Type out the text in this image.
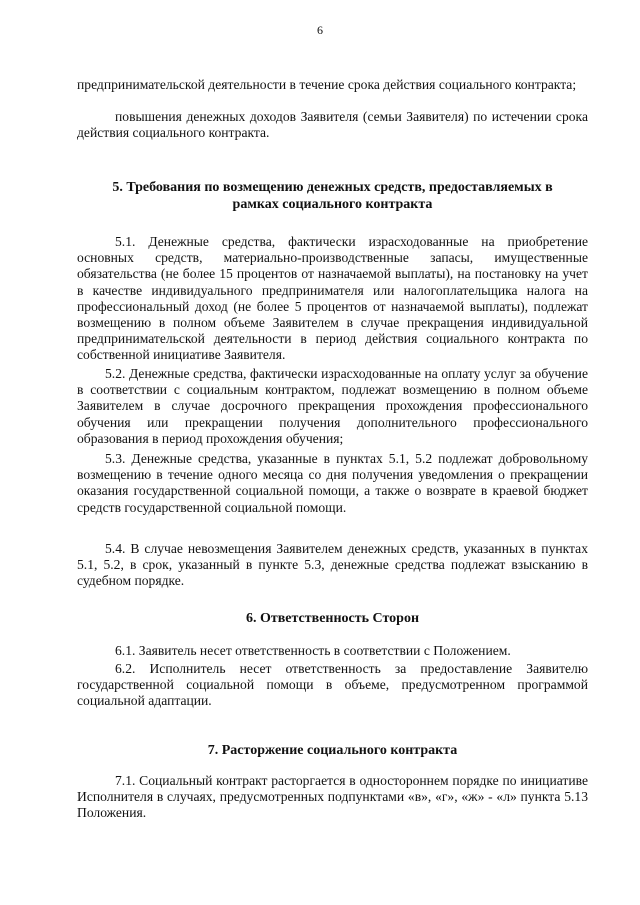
6

предпринимательской деятельности в течение срока действия социального контракта;

повышения денежных доходов Заявителя (семьи Заявителя) по истечении срока действия социального контракта.

5. Требования по возмещению денежных средств, предоставляемых в
рамках социального контракта

5.1. Денежные средства, фактически израсходованные на приобретение основных средств, материально-производственные запасы, имущественные обязательства (не более 15 процентов от назначаемой выплаты), на постановку на учет в качестве индивидуального предпринимателя или налогоплательщика налога на профессиональный доход (не более 5 процентов от назначаемой выплаты), подлежат возмещению в полном объеме Заявителем в случае прекращения индивидуальной предпринимательской деятельности в период действия социального контракта по собственной инициативе Заявителя.

5.2. Денежные средства, фактически израсходованные на оплату услуг за обучение в соответствии с социальным контрактом, подлежат возмещению в полном объеме Заявителем в случае досрочного прекращения прохождения профессионального обучения или прекращении получения дополнительного профессионального образования в период прохождения обучения;

5.3. Денежные средства, указанные в пунктах 5.1, 5.2 подлежат добровольному возмещению в течение одного месяца со дня получения уведомления о прекращении оказания государственной социальной помощи, а также о возврате в краевой бюджет средств государственной социальной помощи.

5.4. В случае невозмещения Заявителем денежных средств, указанных в пунктах 5.1, 5.2, в срок, указанный в пункте 5.3, денежные средства подлежат взысканию в судебном порядке.

6. Ответственность Сторон

6.1. Заявитель несет ответственность в соответствии с Положением.

6.2. Исполнитель несет ответственность за предоставление Заявителю государственной социальной помощи в объеме, предусмотренном программой социальной адаптации.

7. Расторжение социального контракта

7.1. Социальный контракт расторгается в одностороннем порядке по инициативе Исполнителя в случаях, предусмотренных подпунктами «в», «г», «ж» - «л» пункта 5.13 Положения.
